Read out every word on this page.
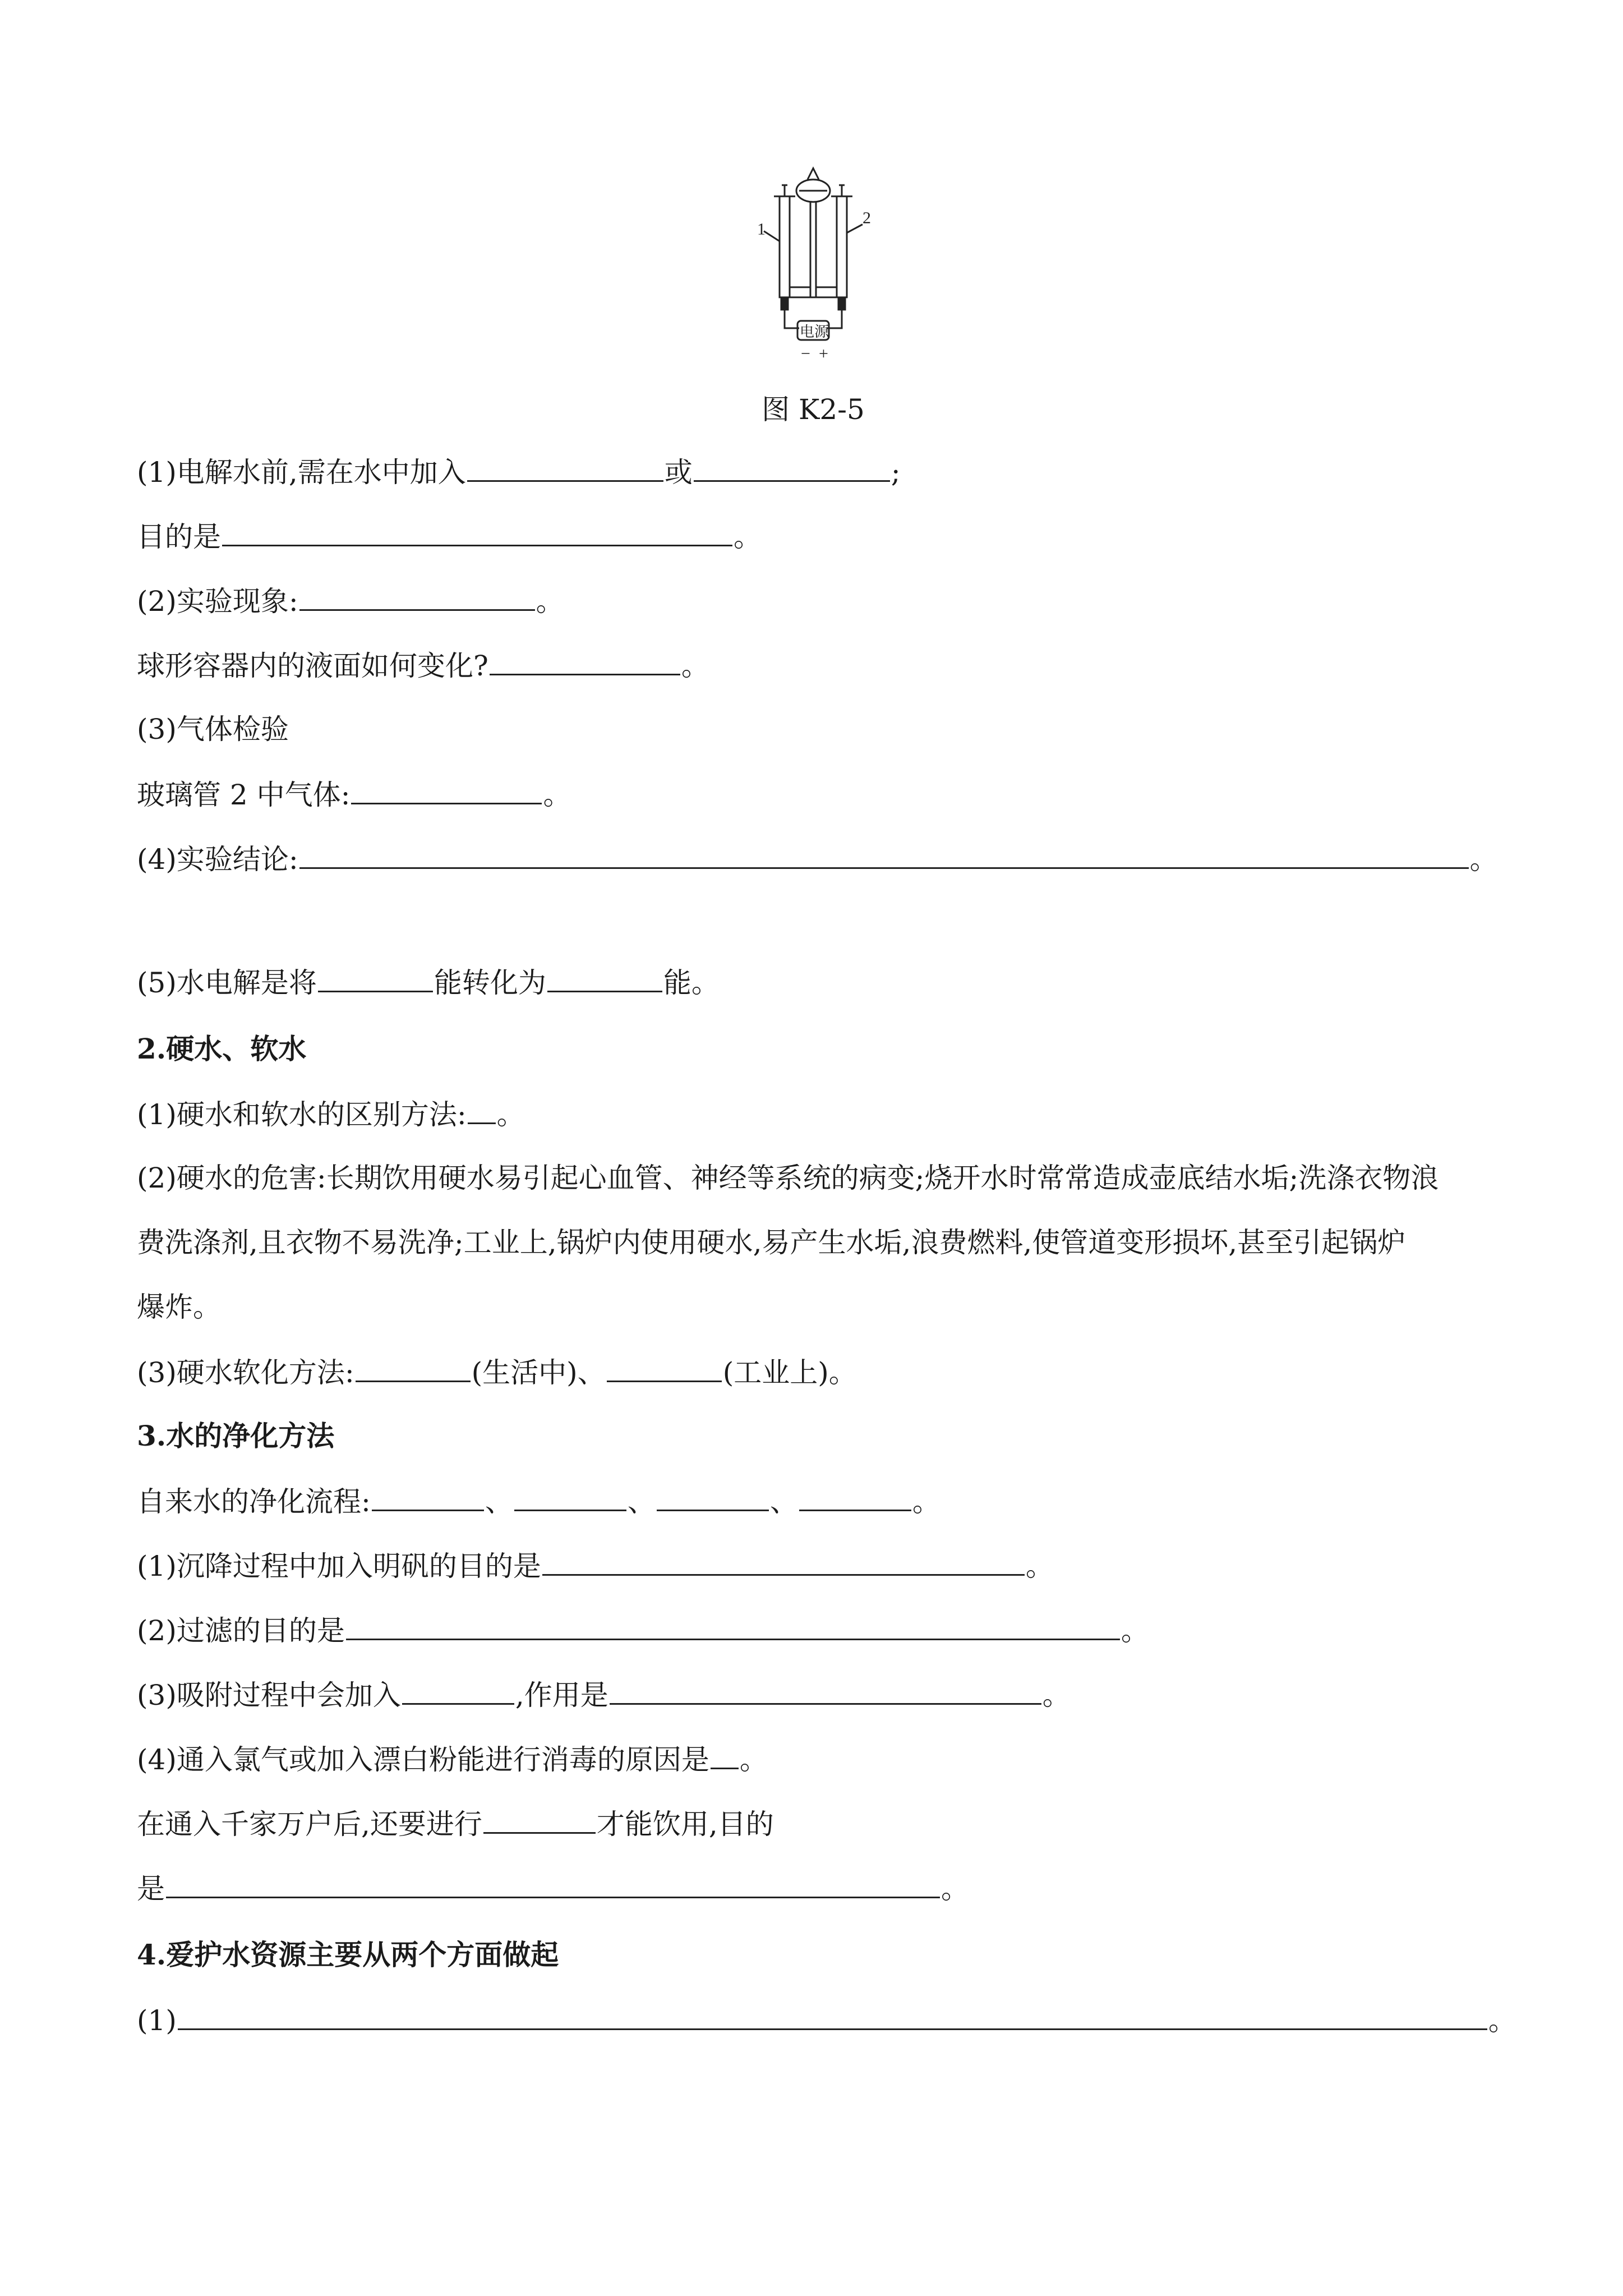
1
2
电源
− +
图 K2-5
(1)电解水前,需在水中加入	或	;
目的是	。
(2)实验现象:	。
球形容器内的液面如何变化?	。
(3)气体检验
玻璃管 2 中气体:	。
(4)实验结论:	。
(5)水电解是将	能转化为	能。
2.硬水、软水
(1)硬水和软水的区别方法: 。
(2)硬水的危害:长期饮用硬水易引起心血管、神经等系统的病变;烧开水时常常造成壶底结水垢;洗涤衣物浪
费洗涤剂,且衣物不易洗净;工业上,锅炉内使用硬水,易产生水垢,浪费燃料,使管道变形损坏,甚至引起锅炉
爆炸。
(3)硬水软化方法:	(生活中)、	(工业上)。
3.水的净化方法
自来水的净化流程:	、	、	、	。
(1)沉降过程中加入明矾的目的是	。
(2)过滤的目的是	。
(3)吸附过程中会加入	,作用是	。
(4)通入氯气或加入漂白粉能进行消毒的原因是 。
在通入千家万户后,还要进行	才能饮用,目的
是	。
4.爱护水资源主要从两个方面做起
(1)	。
